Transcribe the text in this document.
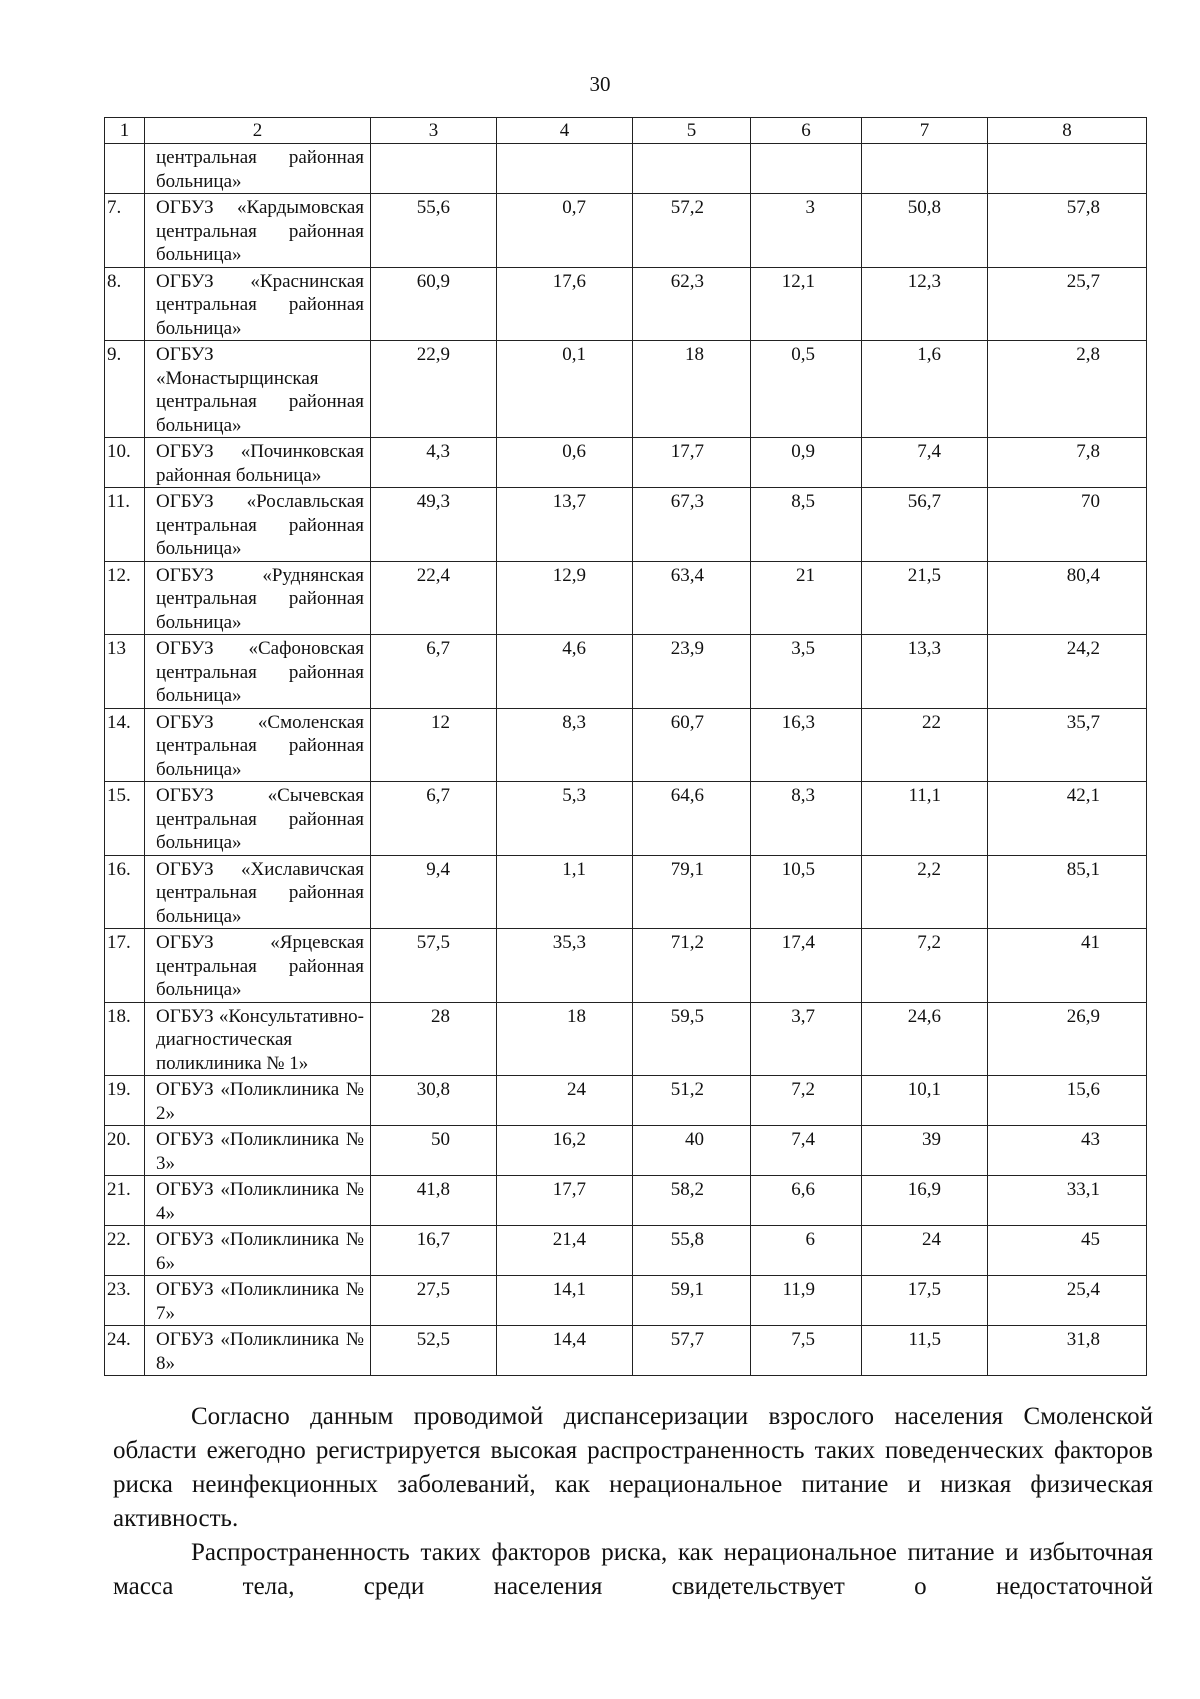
30
1	2	3	4	5	6	7	8
	центральная районная больница»						
7.	ОГБУЗ «Кардымовская центральная районная больница»	55,6	0,7	57,2	3	50,8	57,8
8.	ОГБУЗ «Краснинская центральная районная больница»	60,9	17,6	62,3	12,1	12,3	25,7
9.	ОГБУЗ «Монастырщинская центральная районная больница»	22,9	0,1	18	0,5	1,6	2,8
10.	ОГБУЗ «Починковская районная больница»	4,3	0,6	17,7	0,9	7,4	7,8
11.	ОГБУЗ «Рославльская центральная районная больница»	49,3	13,7	67,3	8,5	56,7	70
12.	ОГБУЗ «Руднянская центральная районная больница»	22,4	12,9	63,4	21	21,5	80,4
13	ОГБУЗ «Сафоновская центральная районная больница»	6,7	4,6	23,9	3,5	13,3	24,2
14.	ОГБУЗ «Смоленская центральная районная больница»	12	8,3	60,7	16,3	22	35,7
15.	ОГБУЗ «Сычевская центральная районная больница»	6,7	5,3	64,6	8,3	11,1	42,1
16.	ОГБУЗ «Хиславичская центральная районная больница»	9,4	1,1	79,1	10,5	2,2	85,1
17.	ОГБУЗ «Ярцевская центральная районная больница»	57,5	35,3	71,2	17,4	7,2	41
18.	ОГБУЗ «Консультативно-диагностическая поликлиника № 1»	28	18	59,5	3,7	24,6	26,9
19.	ОГБУЗ «Поликлиника № 2»	30,8	24	51,2	7,2	10,1	15,6
20.	ОГБУЗ «Поликлиника № 3»	50	16,2	40	7,4	39	43
21.	ОГБУЗ «Поликлиника № 4»	41,8	17,7	58,2	6,6	16,9	33,1
22.	ОГБУЗ «Поликлиника № 6»	16,7	21,4	55,8	6	24	45
23.	ОГБУЗ «Поликлиника № 7»	27,5	14,1	59,1	11,9	17,5	25,4
24.	ОГБУЗ «Поликлиника № 8»	52,5	14,4	57,7	7,5	11,5	31,8

Согласно данным проводимой диспансеризации взрослого населения Смоленской области ежегодно регистрируется высокая распространенность таких поведенческих факторов риска неинфекционных заболеваний, как нерациональное питание и низкая физическая активность.

Распространенность таких факторов риска, как нерациональное питание и избыточная масса тела, среди населения свидетельствует о недостаточной
